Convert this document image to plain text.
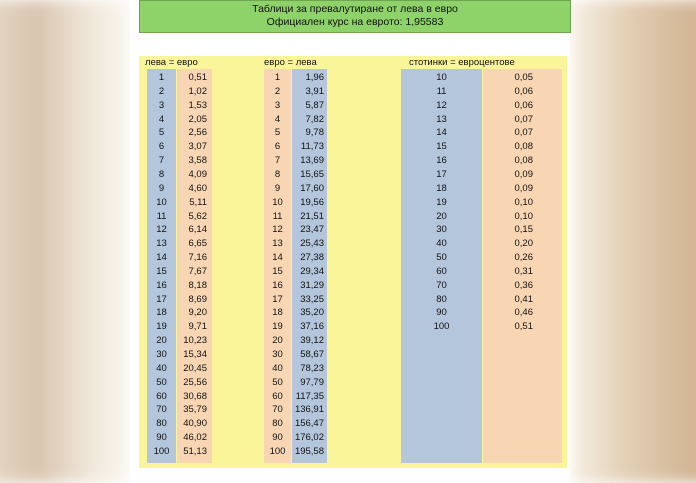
Таблици за превалутиране от лева в евро
Официален курс на еврото: 1,95583
лева = евро
1	0,51
2	1,02
3	1,53
4	2,05
5	2,56
6	3,07
7	3,58
8	4,09
9	4,60
10	5,11
11	5,62
12	6,14
13	6,65
14	7,16
15	7,67
16	8,18
17	8,69
18	9,20
19	9,71
20	10,23
30	15,34
40	20,45
50	25,56
60	30,68
70	35,79
80	40,90
90	46,02
100	51,13
евро = лева
1	1,96
2	3,91
3	5,87
4	7,82
5	9,78
6	11,73
7	13,69
8	15,65
9	17,60
10	19,56
11	21,51
12	23,47
13	25,43
14	27,38
15	29,34
16	31,29
17	33,25
18	35,20
19	37,16
20	39,12
30	58,67
40	78,23
50	97,79
60	117,35
70	136,91
80	156,47
90	176,02
100	195,58
стотинки = евроцентове
10	0,05
11	0,06
12	0,06
13	0,07
14	0,07
15	0,08
16	0,08
17	0,09
18	0,09
19	0,10
20	0,10
30	0,15
40	0,20
50	0,26
60	0,31
70	0,36
80	0,41
90	0,46
100	0,51
